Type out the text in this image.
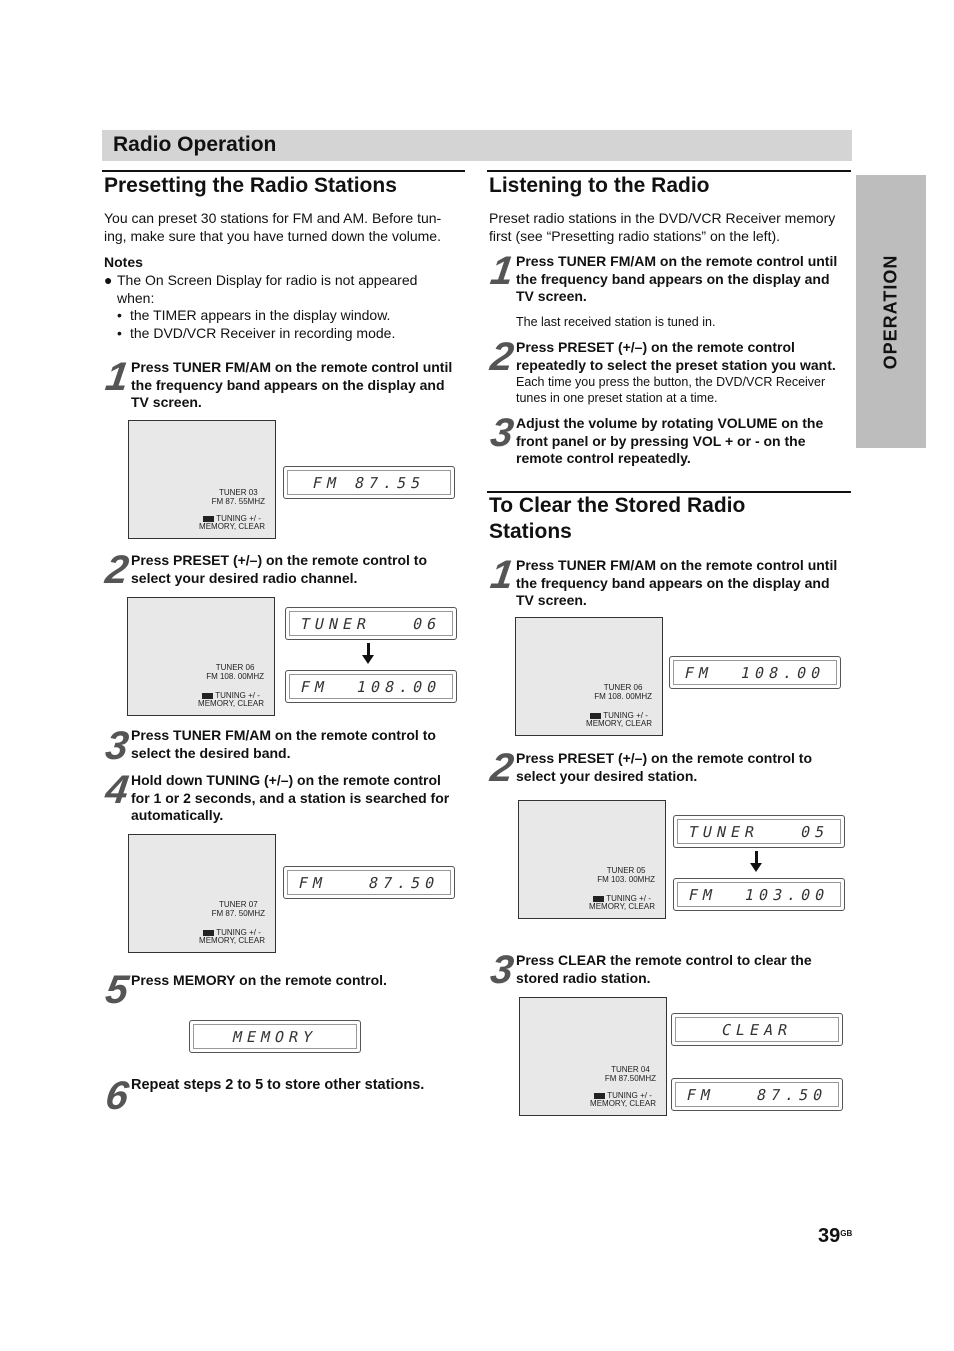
Radio Operation
OPERATION
Presetting the Radio Stations
You can preset 30 stations for FM and AM. Before tun-
ing, make sure that you have turned down the volume.
Notes
● The On Screen Display for radio is not appeared
when:
• the TIMER appears in the display window.
• the DVD/VCR Receiver in recording mode.
1 Press TUNER FM/AM on the remote control until
the frequency band appears on the display and
TV screen.
TUNER 03
FM 87. 55MHZ
TUNING +/ -
MEMORY, CLEAR
FM 87.55
2 Press PRESET (+/–) on the remote control to
select your desired radio channel.
TUNER 06
FM 108. 00MHZ
TUNING +/ -
MEMORY, CLEAR
TUNER   06
FM  108.00
3 Press TUNER FM/AM on the remote control to
select the desired band.
4 Hold down TUNING (+/–) on the remote control
for 1 or 2 seconds, and a station is searched for
automatically.
TUNER 07
FM 87. 50MHZ
TUNING +/ -
MEMORY, CLEAR
FM   87.50
5 Press MEMORY on the remote control.
MEMORY
6 Repeat steps 2 to 5 to store other stations.
Listening to the Radio
Preset radio stations in the DVD/VCR Receiver memory
first (see “Presetting radio stations” on the left).
1 Press TUNER FM/AM on the remote control until
the frequency band appears on the display and
TV screen.
The last received station is tuned in.
2 Press PRESET (+/–) on the remote control
repeatedly to select the preset station you want.
Each time you press the button, the DVD/VCR Receiver
tunes in one preset station at a time.
3 Adjust the volume by rotating VOLUME on the
front panel or by pressing VOL + or - on the
remote control repeatedly.
To Clear the Stored Radio
Stations
1 Press TUNER FM/AM on the remote control until
the frequency band appears on the display and
TV screen.
TUNER 06
FM 108. 00MHZ
TUNING +/ -
MEMORY, CLEAR
FM  108.00
2 Press PRESET (+/–) on the remote control to
select your desired station.
TUNER 05
FM 103. 00MHZ
TUNING +/ -
MEMORY, CLEAR
TUNER   05
FM  103.00
3 Press CLEAR the remote control to clear the
stored radio station.
TUNER 04
FM 87.50MHZ
TUNING +/ -
MEMORY, CLEAR
CLEAR
FM   87.50
$39^{GB}$
